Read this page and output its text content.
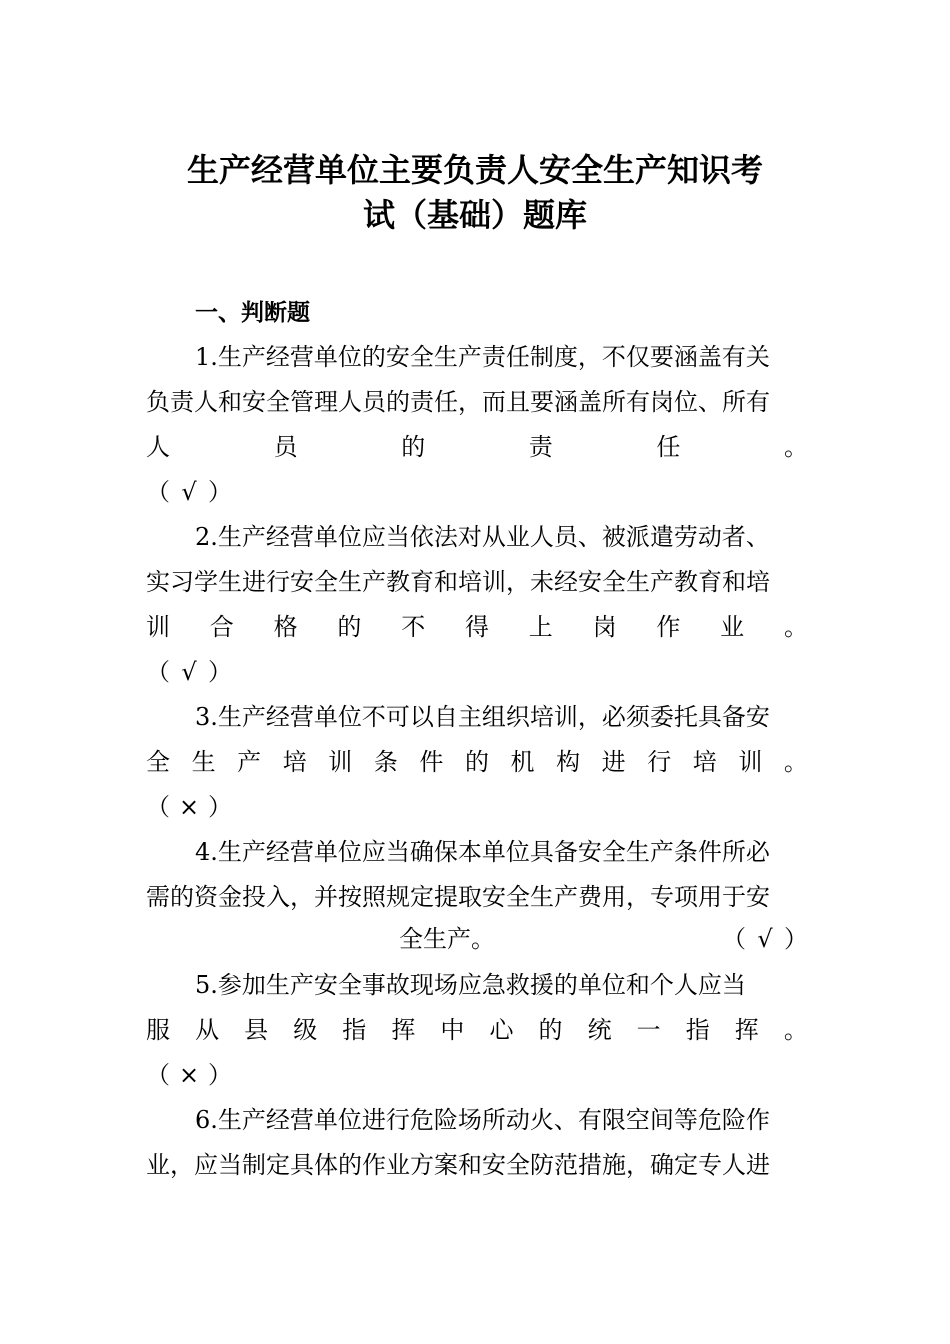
生产经营单位主要负责人安全生产知识考
试（基础）题库
一、判断题

1.生产经营单位的安全生产责任制度，不仅要涵盖有关

负责人和安全管理人员的责任，而且要涵盖所有岗位、所有

人	员	的	责	任	。
（ √ ）

2.生产经营单位应当依法对从业人员、被派遣劳动者、

实习学生进行安全生产教育和培训，未经安全生产教育和培

训 合 格 的 不 得 上 岗 作 业 。
（ √ ）

3.生产经营单位不可以自主组织培训，必须委托具备安

全 生 产 培 训 条 件 的 机 构 进 行 培 训 。
（ × ）

4.生产经营单位应当确保本单位具备安全生产条件所必

需的资金投入，并按照规定提取安全生产费用，专项用于安

全生产。	（ √ ）

5.参加生产安全事故现场应急救援的单位和个人应当

服 从 县 级 指 挥 中 心 的 统 一 指 挥 。
（ × ）

6.生产经营单位进行危险场所动火、有限空间等危险作

业，应当制定具体的作业方案和安全防范措施，确定专人进
